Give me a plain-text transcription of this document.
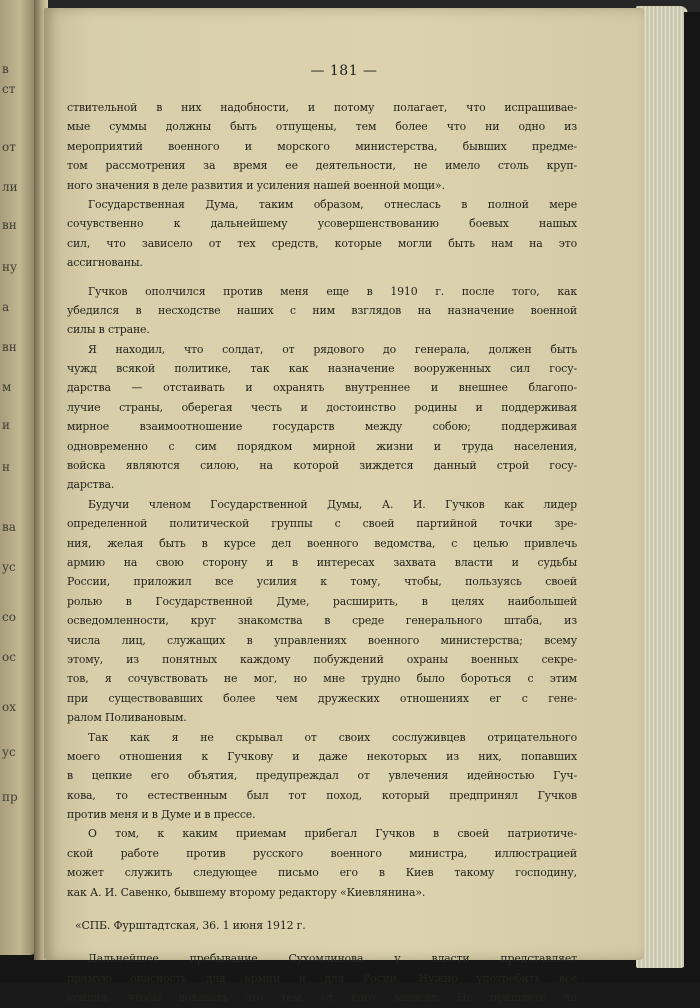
в
ст
от
ли
вн
ну
а
вн
м
и
н
ва
ус
со
ос
ох
ус
пр
— 181 —
ствительной в них надобности, и потому полагает, что испрашивае-
мые суммы должны быть отпущены, тем более что ни одно из
мероприятий военного и морского министерства, бывших предме-
том рассмотрения за время ее деятельности, не имело столь круп-
ного значения в деле развития и усиления нашей военной мощи».
Государственная Дума, таким образом, отнеслась в полной мере
сочувственно к дальнейшему усовершенствованию боевых нашых
сил, что зависело от тех средств, которые могли быть нам на это
ассигнованы.
Гучков ополчился против меня еще в 1910 г. после того, как
убедился в несходстве наших с ним взглядов на назначение военной
силы в стране.
Я находил, что солдат, от рядового до генерала, должен быть
чужд всякой политике, так как назначение вооруженных сил госу-
дарства — отстаивать и охранять внутреннее и внешнее благопо-
лучие страны, оберегая честь и достоинство родины и поддерживая
мирное взаимоотношение государств между собою; поддерживая
одновременно с сим порядком мирной жизни и труда населения,
войска являются силою, на которой зиждется данный строй госу-
дарства.
Будучи членом Государственной Думы, А. И. Гучков как лидер
определенной политической группы с своей партийной точки зре-
ния, желая быть в курсе дел военного ведомства, с целью привлечь
армию на свою сторону и в интересах захвата власти и судьбы
России, приложил все усилия к тому, чтобы, пользуясь своей
ролью в Государственной Думе, расширить, в целях наибольшей
осведомленности, круг знакомства в среде генерального штаба, из
числа лиц, служащих в управлениях военного министерства; всему
этому, из понятных каждому побуждений охраны военных секре-
тов, я сочувствовать не мог, но мне трудно было бороться с этим
при существовавших более чем дружеских отношениях ег с гене-
ралом Поливановым.
Так как я не скрывал от своих сослуживцев отрицательного
моего отношения к Гучкову и даже некоторых из них, попавших
в цепкие его объятия, предупреждал от увлечения идейностью Гуч-
кова, то естественным был тот поход, который предпринял Гучков
против меня и в Думе и в прессе.
О том, к каким приемам прибегал Гучков в своей патриотиче-
ской работе против русского военного министра, иллюстрацией
может служить следующее письмо его в Киев такому господину,
как А. И. Савенко, бывшему второму редактору «Киевлянина».
«СПБ. Фурштадтская, 36. 1 июня 1912 г.
Дальнейшее пребывание Сухомлинова у власти представляет
прямую опасность для армии и для Росии. Нужно употребить все
усилия, чтобы доказать это тем, от кого зависит. Не пришлете ли
